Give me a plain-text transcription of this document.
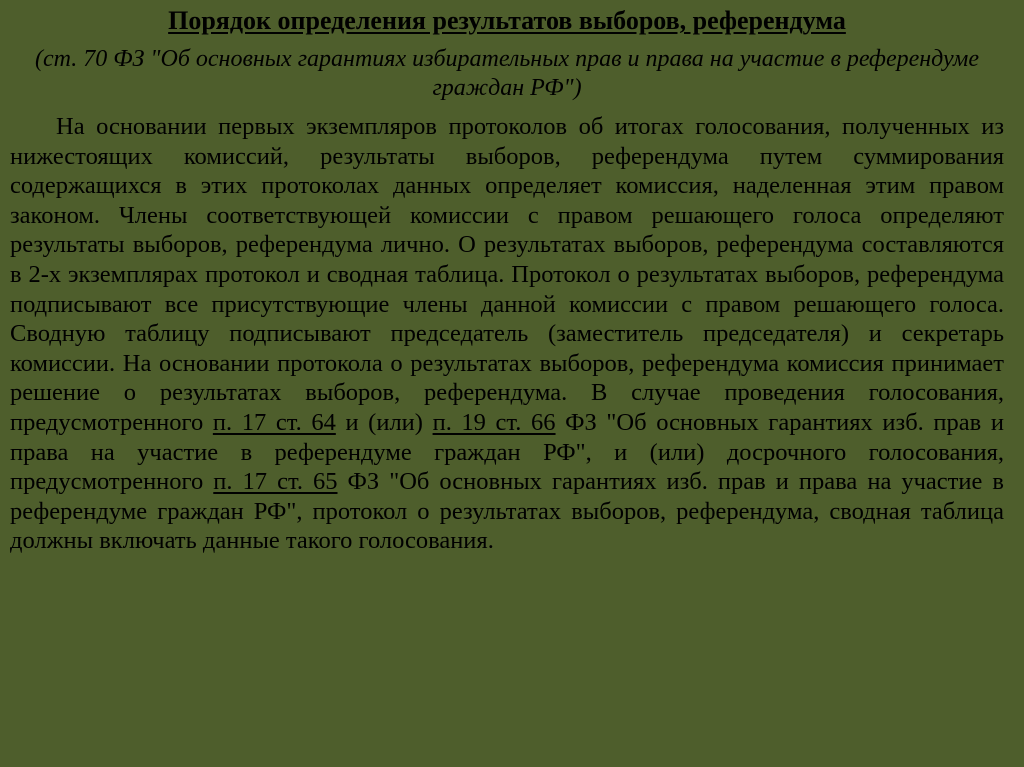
Порядок определения результатов выборов, референдума

(ст. 70 ФЗ "Об основных гарантиях избирательных прав и права на участие в референдуме граждан РФ")

На основании первых экземпляров протоколов об итогах голосования, полученных из нижестоящих комиссий, результаты выборов, референдума путем суммирования содержащихся в этих протоколах данных определяет комиссия, наделенная этим правом законом. Члены соответствующей комиссии с правом решающего голоса определяют результаты выборов, референдума лично. О результатах выборов, референдума составляются в 2-х экземплярах протокол и сводная таблица. Протокол о результатах выборов, референдума подписывают все присутствующие члены данной комиссии с правом решающего голоса. Сводную таблицу подписывают председатель (заместитель председателя) и секретарь комиссии. На основании протокола о результатах выборов, референдума комиссия принимает решение о результатах выборов, референдума. В случае проведения голосования, предусмотренного п. 17 ст. 64 и (или) п. 19 ст. 66 ФЗ "Об основных гарантиях изб. прав и права на участие в референдуме граждан РФ", и (или) досрочного голосования, предусмотренного п. 17 ст. 65 ФЗ "Об основных гарантиях изб. прав и права на участие в референдуме граждан РФ", протокол о результатах выборов, референдума, сводная таблица должны включать данные такого голосования.
